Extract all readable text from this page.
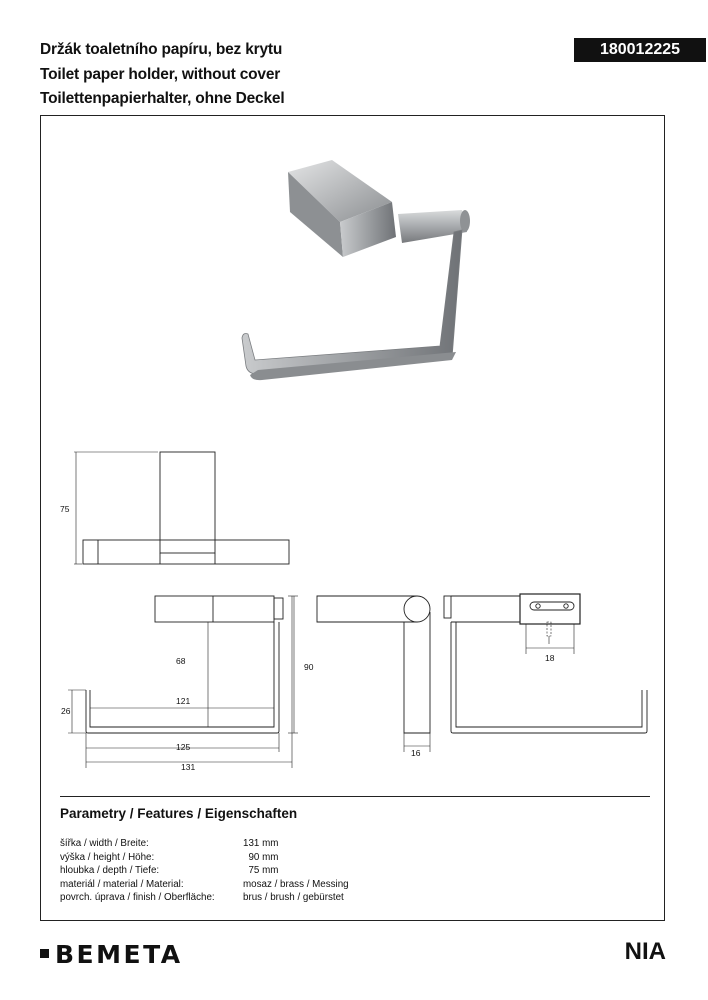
Držák toaletního papíru, bez krytu
Toilet paper holder, without cover
Toilettenpapierhalter, ohne Deckel
180012225
75
68
90
26
121
125
131
16
18
Parametry / Features / Eigenschaften
šířka / width / Breite:	131 mm
výška / height / Höhe:	90 mm
hloubka / depth / Tiefe:	75 mm
materiál / material / Material:	mosaz / brass / Messing
povrch. úprava / finish / Oberfläche:	brus / brush / gebürstet
BEMETA	NIA
